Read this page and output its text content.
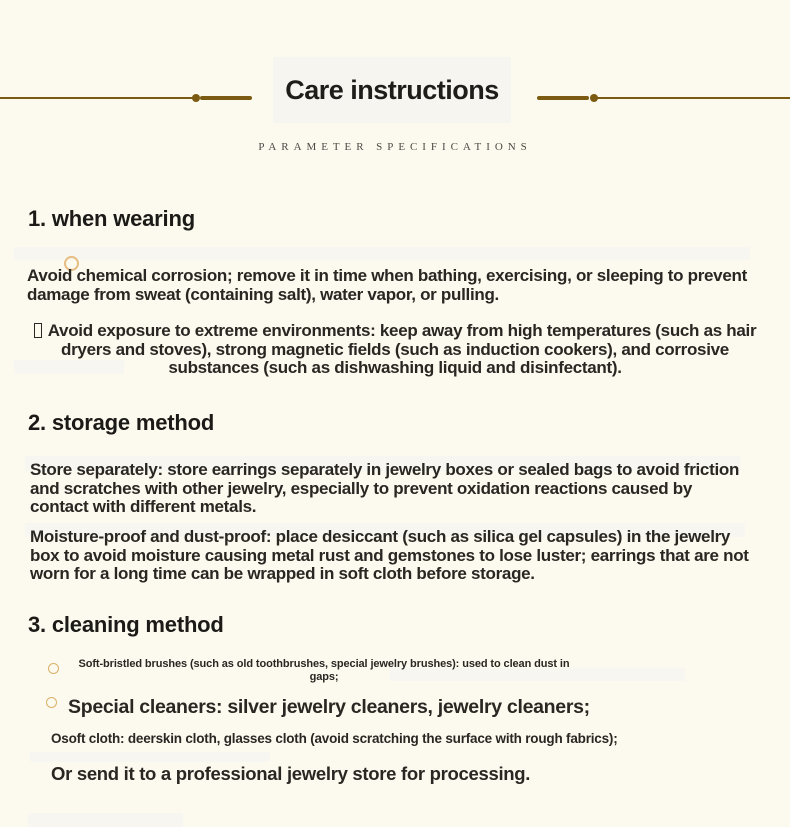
Care instructions
PARAMETER SPECIFICATIONS
1. when wearing
Avoid chemical corrosion; remove it in time when bathing, exercising, or sleeping to prevent damage from sweat (containing salt), water vapor, or pulling.
Avoid exposure to extreme environments: keep away from high temperatures (such as hair dryers and stoves), strong magnetic fields (such as induction cookers), and corrosive substances (such as dishwashing liquid and disinfectant).
2. storage method
Store separately: store earrings separately in jewelry boxes or sealed bags to avoid friction and scratches with other jewelry, especially to prevent oxidation reactions caused by contact with different metals.
Moisture-proof and dust-proof: place desiccant (such as silica gel capsules) in the jewelry box to avoid moisture causing metal rust and gemstones to lose luster; earrings that are not worn for a long time can be wrapped in soft cloth before storage.
3. cleaning method
Soft-bristled brushes (such as old toothbrushes, special jewelry brushes): used to clean dust in gaps;
Special cleaners: silver jewelry cleaners, jewelry cleaners;
Osoft cloth: deerskin cloth, glasses cloth (avoid scratching the surface with rough fabrics);
Or send it to a professional jewelry store for processing.
